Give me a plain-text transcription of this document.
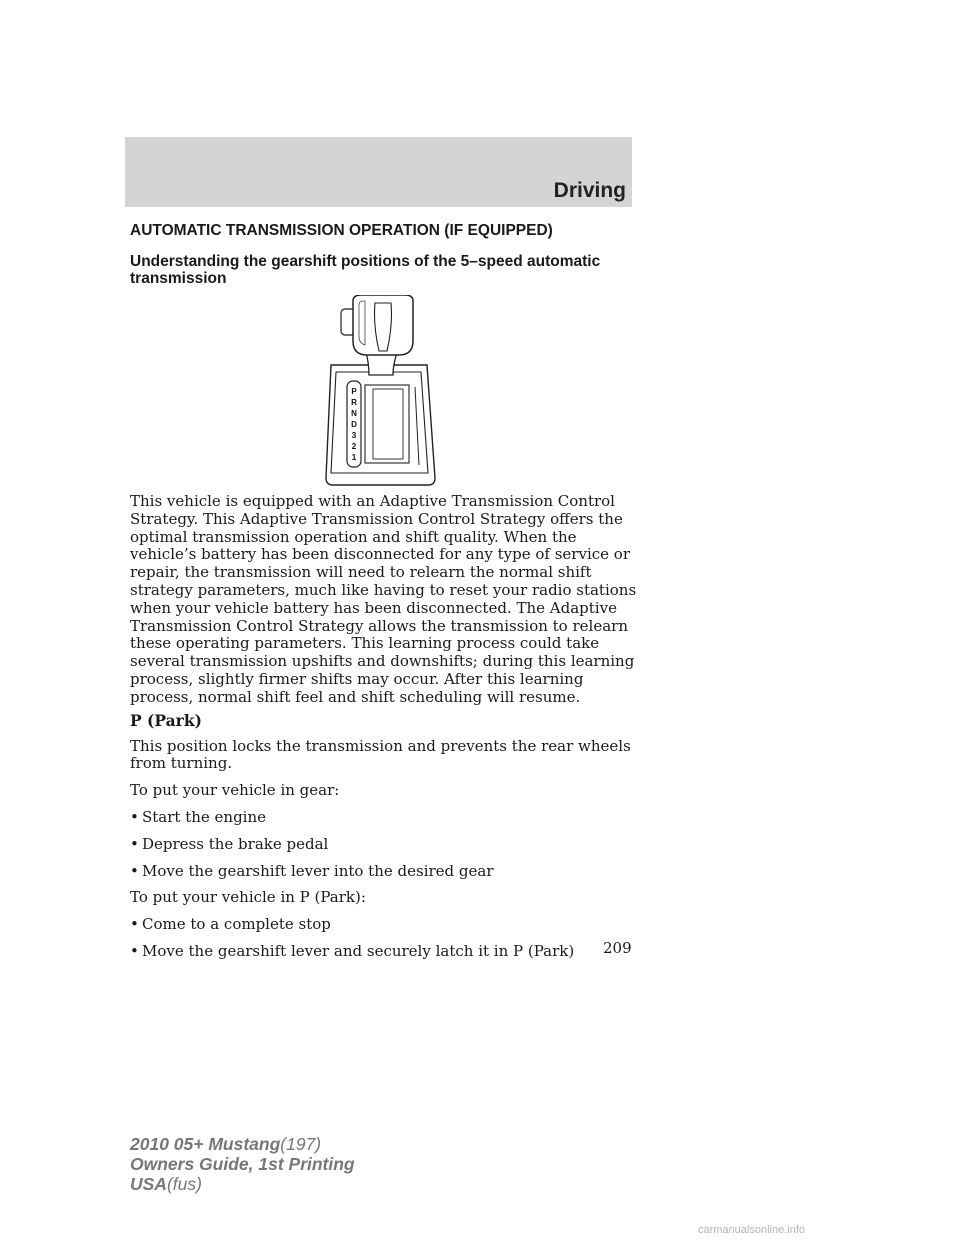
Driving
AUTOMATIC TRANSMISSION OPERATION (IF EQUIPPED)
Understanding the gearshift positions of the 5–speed automatic transmission
P
R
N
D
3
2
1

This vehicle is equipped with an Adaptive Transmission Control Strategy. This Adaptive Transmission Control Strategy offers the optimal transmission operation and shift quality. When the vehicle’s battery has been disconnected for any type of service or repair, the transmission will need to relearn the normal shift strategy parameters, much like having to reset your radio stations when your vehicle battery has been disconnected. The Adaptive Transmission Control Strategy allows the transmission to relearn these operating parameters. This learning process could take several transmission upshifts and downshifts; during this learning process, slightly firmer shifts may occur. After this learning process, normal shift feel and shift scheduling will resume.

P (Park)

This position locks the transmission and prevents the rear wheels from turning.

To put your vehicle in gear:

• Start the engine
• Depress the brake pedal
• Move the gearshift lever into the desired gear

To put your vehicle in P (Park):

• Come to a complete stop
• Move the gearshift lever and securely latch it in P (Park)	209
2010 05+ Mustang(197)
Owners Guide, 1st Printing
USA(fus)
carmanualsonline.info
